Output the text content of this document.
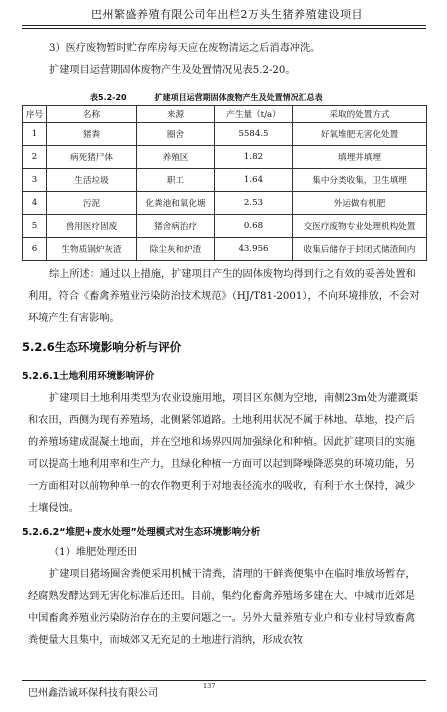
巴州繁盛养殖有限公司年出栏2万头生猪养殖建设项目
3）医疗废物暂时贮存库房每天应在废物清运之后消毒冲洗。
扩建项目运营期固体废物产生及处置情况见表5.2-20。
表5.2-20	扩建项目运营期固体废物产生及处置情况汇总表
序号	名称	来源	产生量（t/a）	采取的处置方式
1	猪粪	圈舍	5584.5	好氧堆肥无害化处置
2	病死猪尸体	养殖区	1.82	填埋井填埋
3	生活垃圾	职工	1.64	集中分类收集，卫生填埋
4	污泥	化粪池和氧化塘	2.53	外运做有机肥
5	兽用医疗固废	猪舍病治疗	0.68	交医疗废物专业处理机构处置
6	生物质锅炉灰渣	除尘灰和炉渣	43.956	收集后储存于封闭式储渣间内
综上所述：通过以上措施，扩建项目产生的固体废物均得到行之有效的妥善处置和利用，符合《畜禽养殖业污染防治技术规范》（HJ/T81-2001），不向环境排放，不会对环境产生有害影响。
5.2.6生态环境影响分析与评价
5.2.6.1土地利用环境影响评价
扩建项目土地利用类型为农业设施用地，项目区东侧为空地，南侧23m处为灌溉渠和农田，西侧为现有养殖场，北侧紧邻道路。土地利用状况不属于林地、草地，投产后的养殖场建成混凝土地面，并在空地和场界四周加强绿化和种植。因此扩建项目的实施可以提高土地利用率和生产力，且绿化种植一方面可以起到降噪降恶臭的环境功能，另一方面相对以前物种单一的农作物更利于对地表径流水的吸收，有利于水土保持，减少土壤侵蚀。
5.2.6.2“堆肥+废水处理”处理模式对生态环境影响分析
（1）堆肥处理还田
扩建项目猪场圈舍粪便采用机械干清粪，清理的干鲜粪便集中在临时堆放场暂存，经腐熟发酵达到无害化标准后还田。目前，集约化畜禽养殖场多建在大、中城市近郊是中国畜禽养殖业污染防治存在的主要问题之一。另外大量养殖专业户和专业村导致畜禽粪便量大且集中，而城郊又无充足的土地进行消纳，形成农牧
巴州鑫浩诚环保科技有限公司
137
